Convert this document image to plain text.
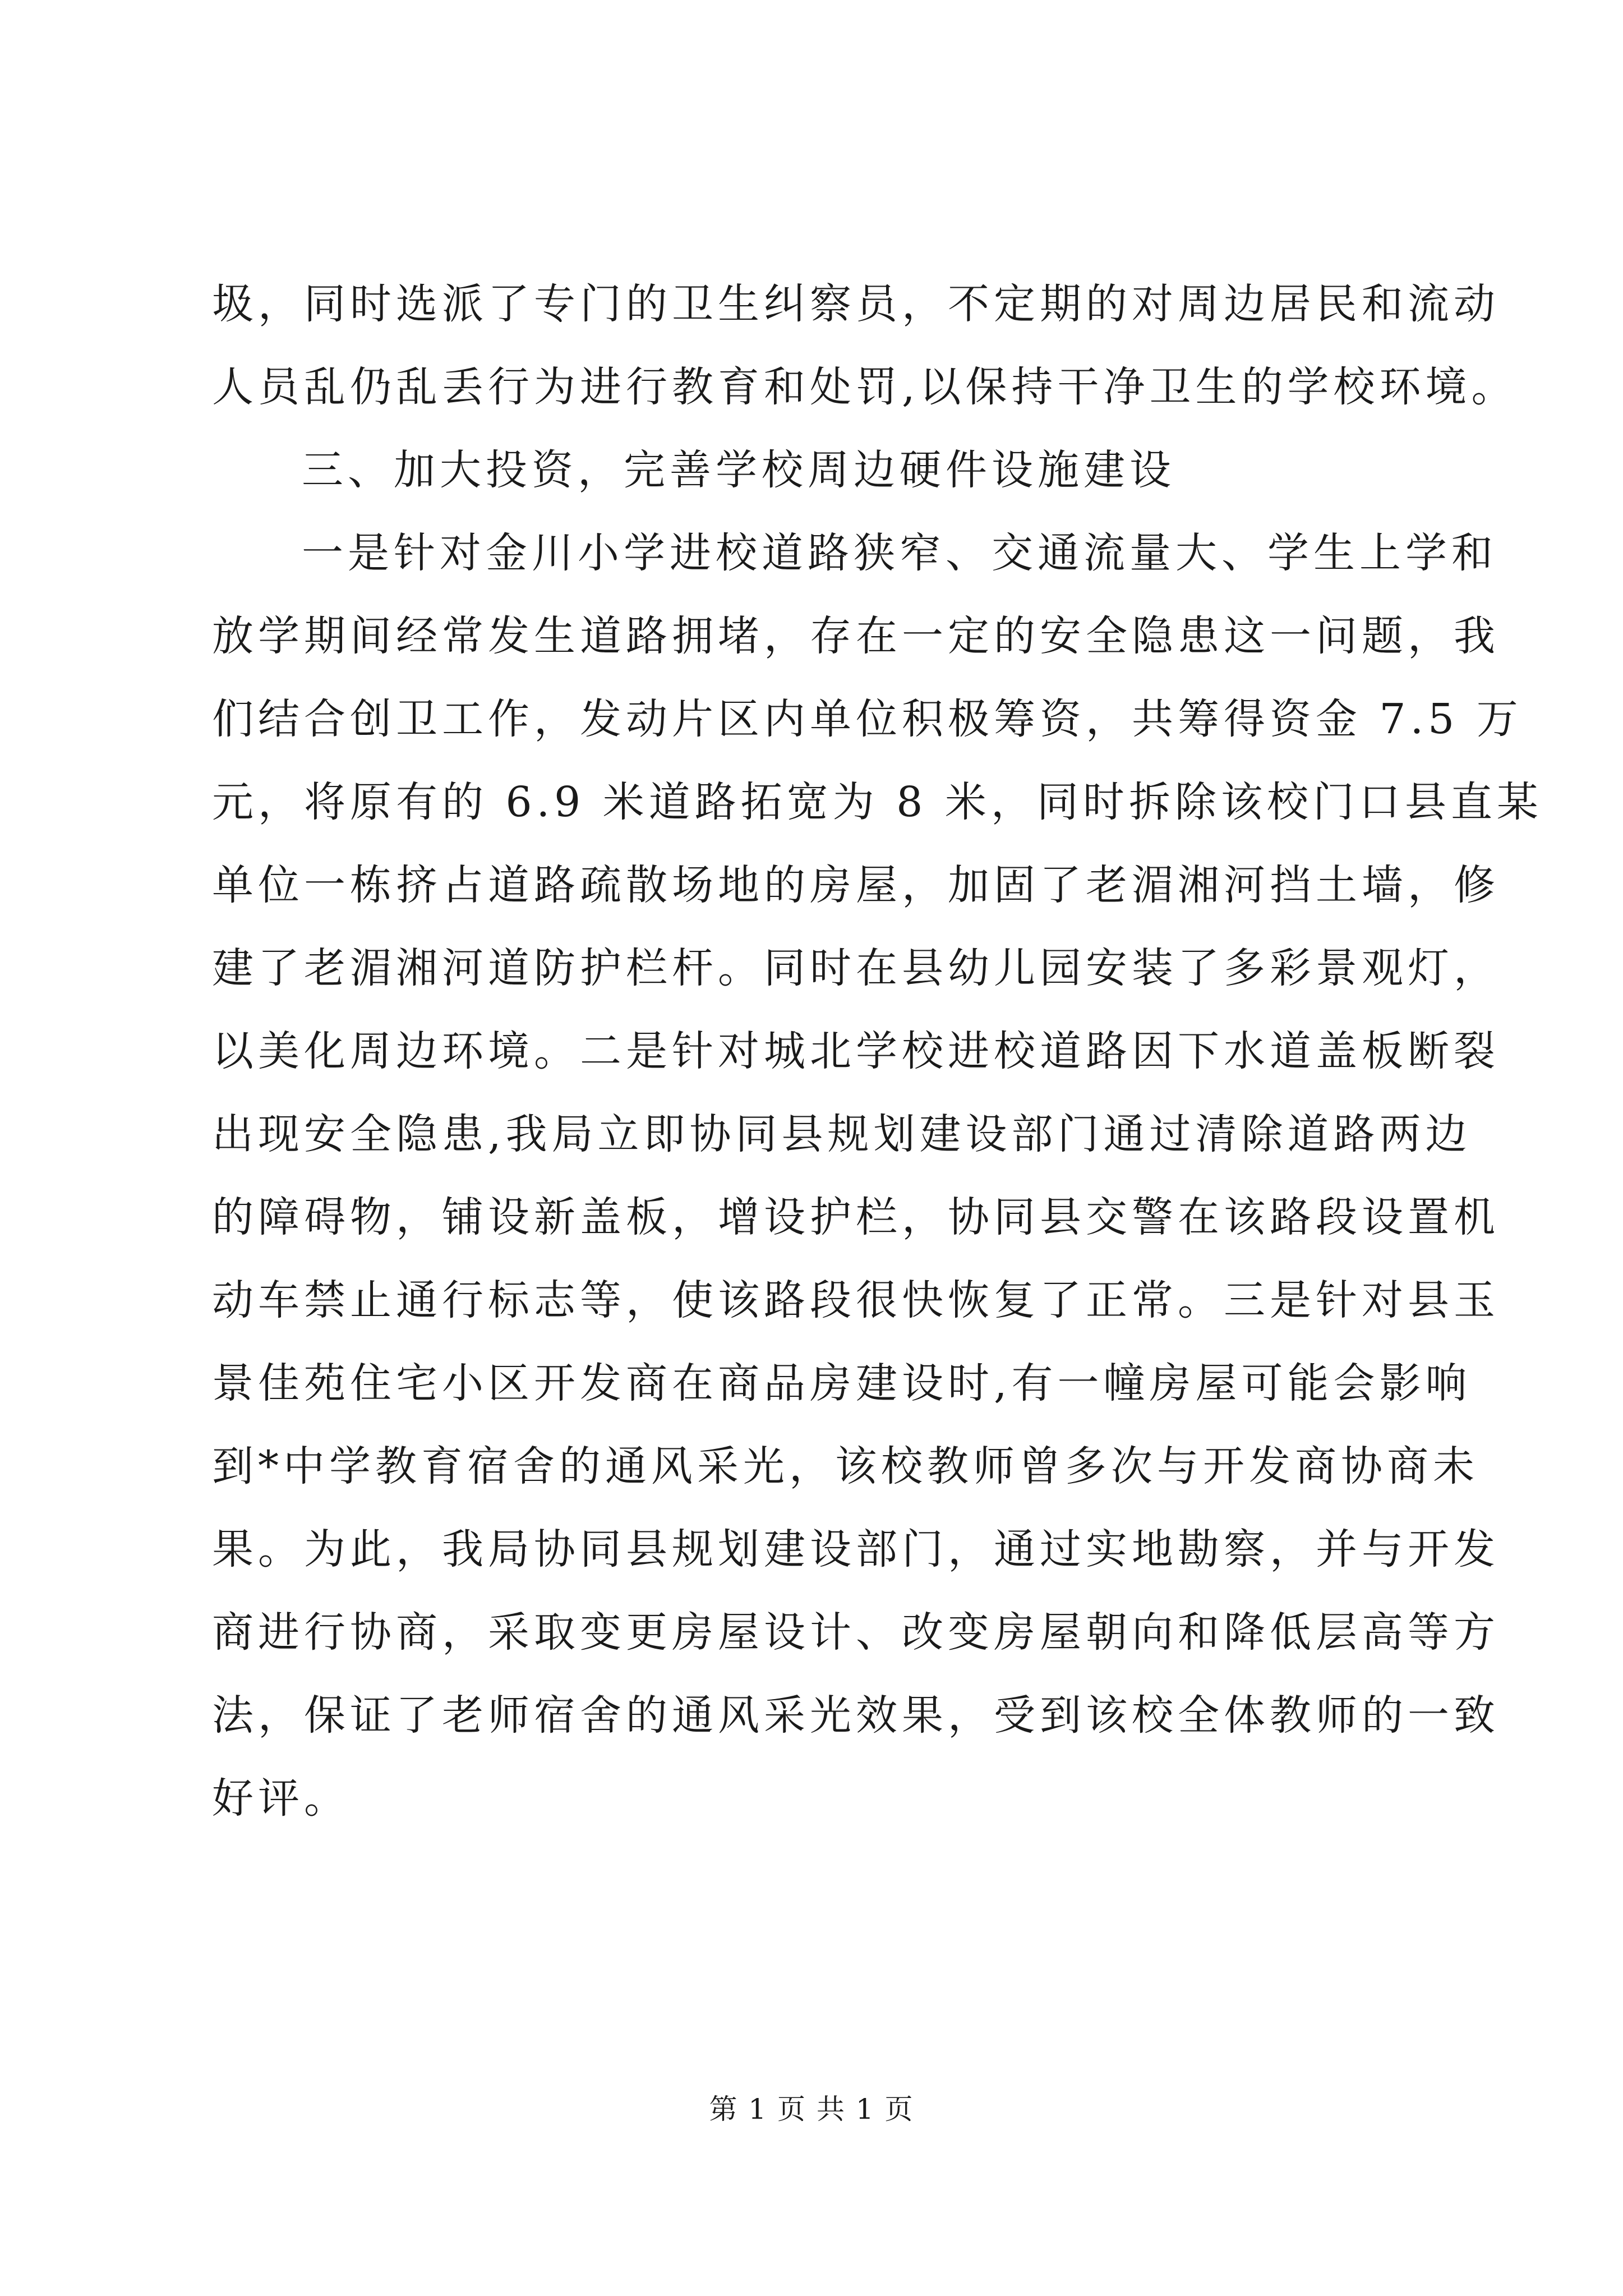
圾，同时选派了专门的卫生纠察员，不定期的对周边居民和流动
人员乱仍乱丢行为进行教育和处罚,以保持干净卫生的学校环境。
三、加大投资，完善学校周边硬件设施建设
一是针对金川小学进校道路狭窄、交通流量大、学生上学和
放学期间经常发生道路拥堵，存在一定的安全隐患这一问题，我
们结合创卫工作，发动片区内单位积极筹资，共筹得资金 7.5 万
元，将原有的 6.9 米道路拓宽为 8 米，同时拆除该校门口县直某
单位一栋挤占道路疏散场地的房屋，加固了老湄湘河挡土墙，修
建了老湄湘河道防护栏杆。同时在县幼儿园安装了多彩景观灯，
以美化周边环境。二是针对城北学校进校道路因下水道盖板断裂
出现安全隐患,我局立即协同县规划建设部门通过清除道路两边
的障碍物，铺设新盖板，增设护栏，协同县交警在该路段设置机
动车禁止通行标志等，使该路段很快恢复了正常。三是针对县玉
景佳苑住宅小区开发商在商品房建设时,有一幢房屋可能会影响
到*中学教育宿舍的通风采光，该校教师曾多次与开发商协商未
果。为此，我局协同县规划建设部门，通过实地勘察，并与开发
商进行协商，采取变更房屋设计、改变房屋朝向和降低层高等方
法，保证了老师宿舍的通风采光效果，受到该校全体教师的一致
好评。
第 1 页 共 1 页
